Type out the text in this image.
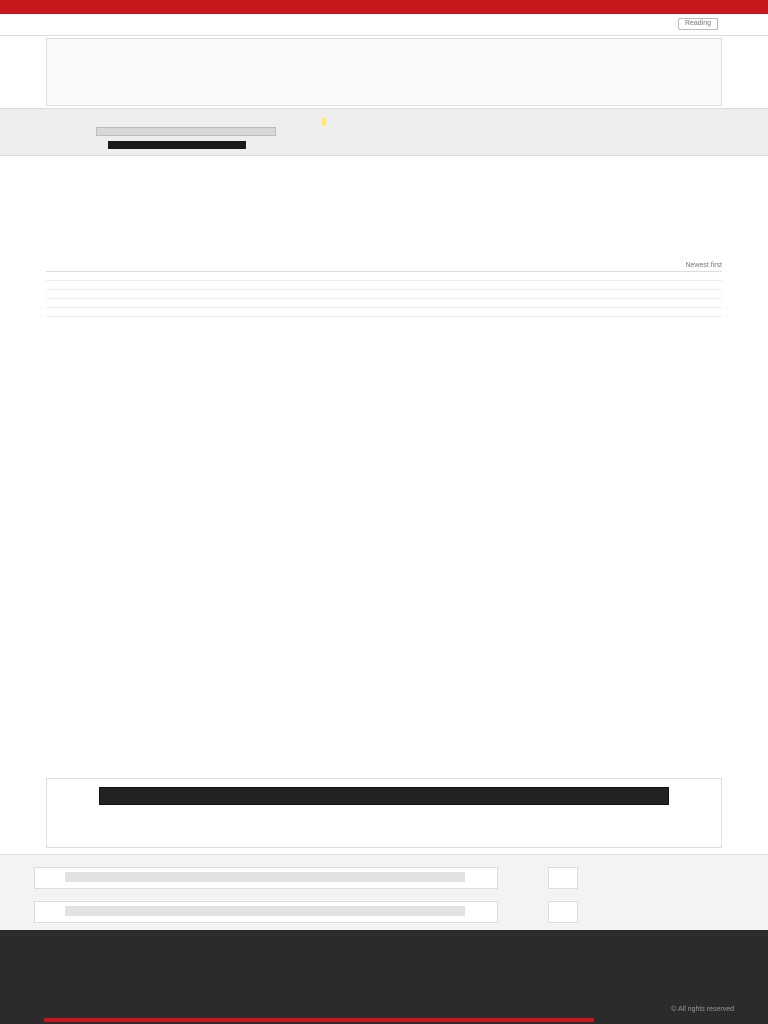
Reading
Newest first
© All rights reserved
